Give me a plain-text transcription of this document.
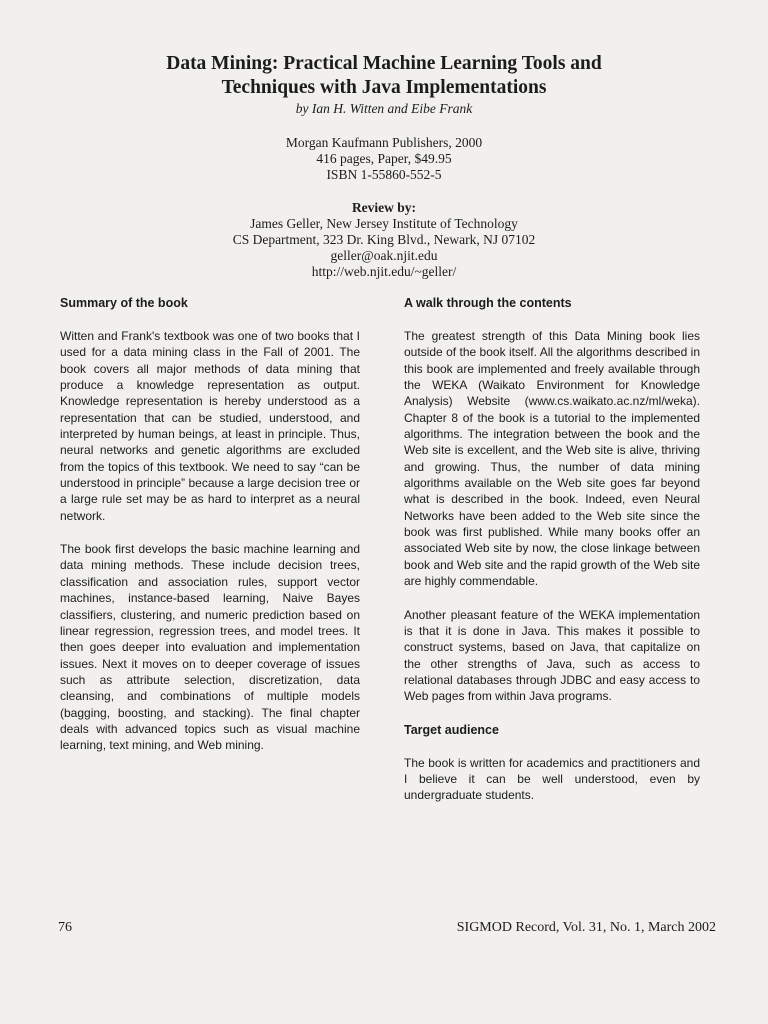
Data Mining: Practical Machine Learning Tools and

Techniques with Java Implementations

by Ian H. Witten and Eibe Frank
Morgan Kaufmann Publishers, 2000
416 pages, Paper, $49.95
ISBN 1-55860-552-5
Review by:
James Geller, New Jersey Institute of Technology
CS Department, 323 Dr. King Blvd., Newark, NJ 07102
geller@oak.njit.edu
http://web.njit.edu/~geller/
Summary of the book

Witten and Frank's textbook was one of two books that I used for a data mining class in the Fall of 2001. The book covers all major methods of data mining that produce a knowledge representation as output. Knowledge representation is hereby understood as a representation that can be studied, understood, and interpreted by human beings, at least in principle. Thus, neural networks and genetic algorithms are excluded from the topics of this textbook. We need to say “can be understood in principle” because a large decision tree or a large rule set may be as hard to interpret as a neural network.

The book first develops the basic machine learning and data mining methods. These include decision trees, classification and association rules, support vector machines, instance-based learning, Naive Bayes classifiers, clustering, and numeric prediction based on linear regression, regression trees, and model trees. It then goes deeper into evaluation and implementation issues. Next it moves on to deeper coverage of issues such as attribute selection, discretization, data cleansing, and combinations of multiple models (bagging, boosting, and stacking). The final chapter deals with advanced topics such as visual machine learning, text mining, and Web mining.

A walk through the contents

The greatest strength of this Data Mining book lies outside of the book itself. All the algorithms described in this book are implemented and freely available through the WEKA (Waikato Environment for Knowledge Analysis) Website (www.cs.waikato.ac.nz/ml/weka). Chapter 8 of the book is a tutorial to the implemented algorithms. The integration between the book and the Web site is excellent, and the Web site is alive, thriving and growing. Thus, the number of data mining algorithms available on the Web site goes far beyond what is described in the book. Indeed, even Neural Networks have been added to the Web site since the book was first published. While many books offer an associated Web site by now, the close linkage between book and Web site and the rapid growth of the Web site are highly commendable.

Another pleasant feature of the WEKA implementation is that it is done in Java. This makes it possible to construct systems, based on Java, that capitalize on the other strengths of Java, such as access to relational databases through JDBC and easy access to Web pages from within Java programs.

Target audience

The book is written for academics and practitioners and I believe it can be well understood, even by undergraduate students.

76	SIGMOD Record, Vol. 31, No. 1, March 2002
